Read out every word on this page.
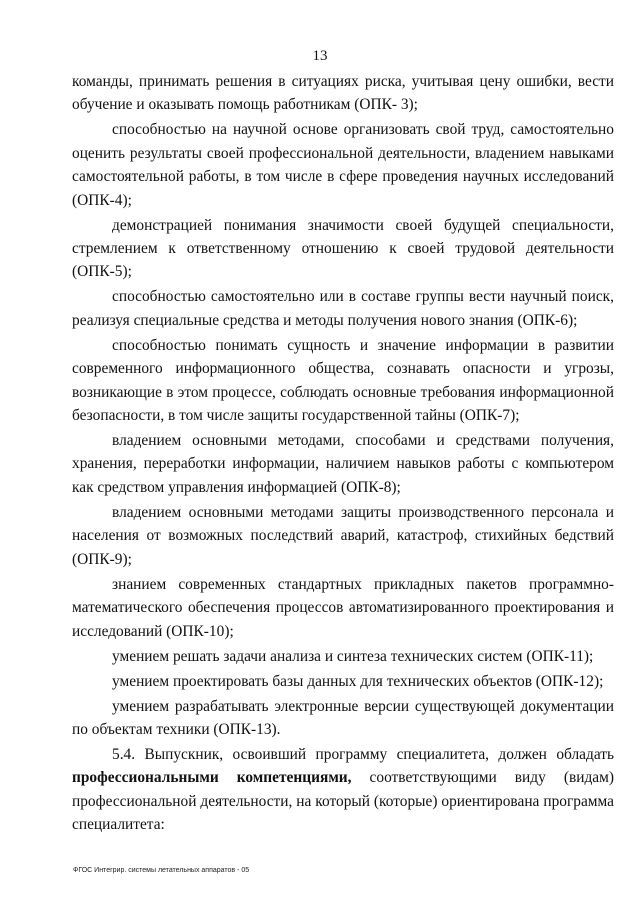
13

команды, принимать решения в ситуациях риска, учитывая цену ошибки, вести обучение и оказывать помощь работникам (ОПК- 3);

способностью на научной основе организовать свой труд, самостоятельно оценить результаты своей профессиональной деятельности, владением навыками самостоятельной работы, в том числе в сфере проведения научных исследований (ОПК-4);

демонстрацией понимания значимости своей будущей специальности, стремлением к ответственному отношению к своей трудовой деятельности (ОПК-5);

способностью самостоятельно или в составе группы вести научный поиск, реализуя специальные средства и методы получения нового знания (ОПК-6);

способностью понимать сущность и значение информации в развитии современного информационного общества, сознавать опасности и угрозы, возникающие в этом процессе, соблюдать основные требования информационной безопасности, в том числе защиты государственной тайны (ОПК-7);

владением основными методами, способами и средствами получения, хранения, переработки информации, наличием навыков работы с компьютером как средством управления информацией (ОПК-8);

владением основными методами защиты производственного персонала и населения от возможных последствий аварий, катастроф, стихийных бедствий (ОПК-9);

знанием современных стандартных прикладных пакетов программно-математического обеспечения процессов автоматизированного проектирования и исследований (ОПК-10);

умением решать задачи анализа и синтеза технических систем (ОПК-11);

умением проектировать базы данных для технических объектов (ОПК-12);

умением разрабатывать электронные версии существующей документации по объектам техники (ОПК-13).

5.4. Выпускник, освоивший программу специалитета, должен обладать профессиональными компетенциями, соответствующими виду (видам) профессиональной деятельности, на который (которые) ориентирована программа специалитета:

ФГОС Интегрир. системы летательных аппаратов - 05
